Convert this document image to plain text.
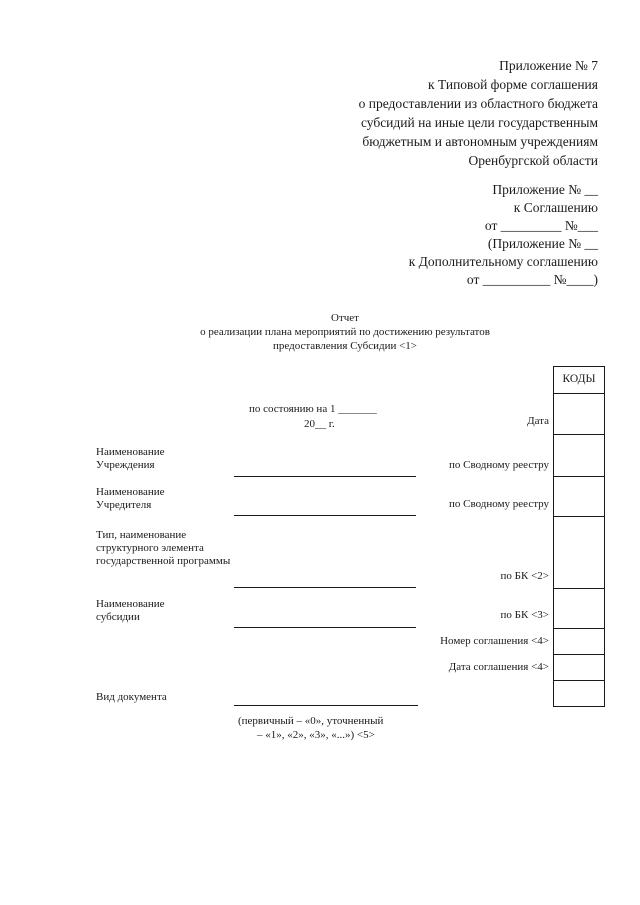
Приложение № 7
к Типовой форме соглашения
о предоставлении из областного бюджета
субсидий на иные цели государственным
бюджетным и автономным учреждениям
Оренбургской области
Приложение № __
к Соглашению
от _________ №___
(Приложение № __
к Дополнительному соглашению
от __________ №____)
Отчет
о реализации плана мероприятий по достижению результатов
предоставления Субсидии <1>
по состоянию на 1 _______
20__ г.
КОДЫ
Дата
по Сводному реестру
по Сводному реестру
по БК <2>
по БК <3>
Номер соглашения <4>
Дата соглашения <4>
Наименование Учреждения
Наименование Учредителя
Тип, наименование структурного элемента государственной программы
Наименование субсидии
Вид документа
(первичный – «0», уточненный
– «1», «2», «3», «...») <5>
